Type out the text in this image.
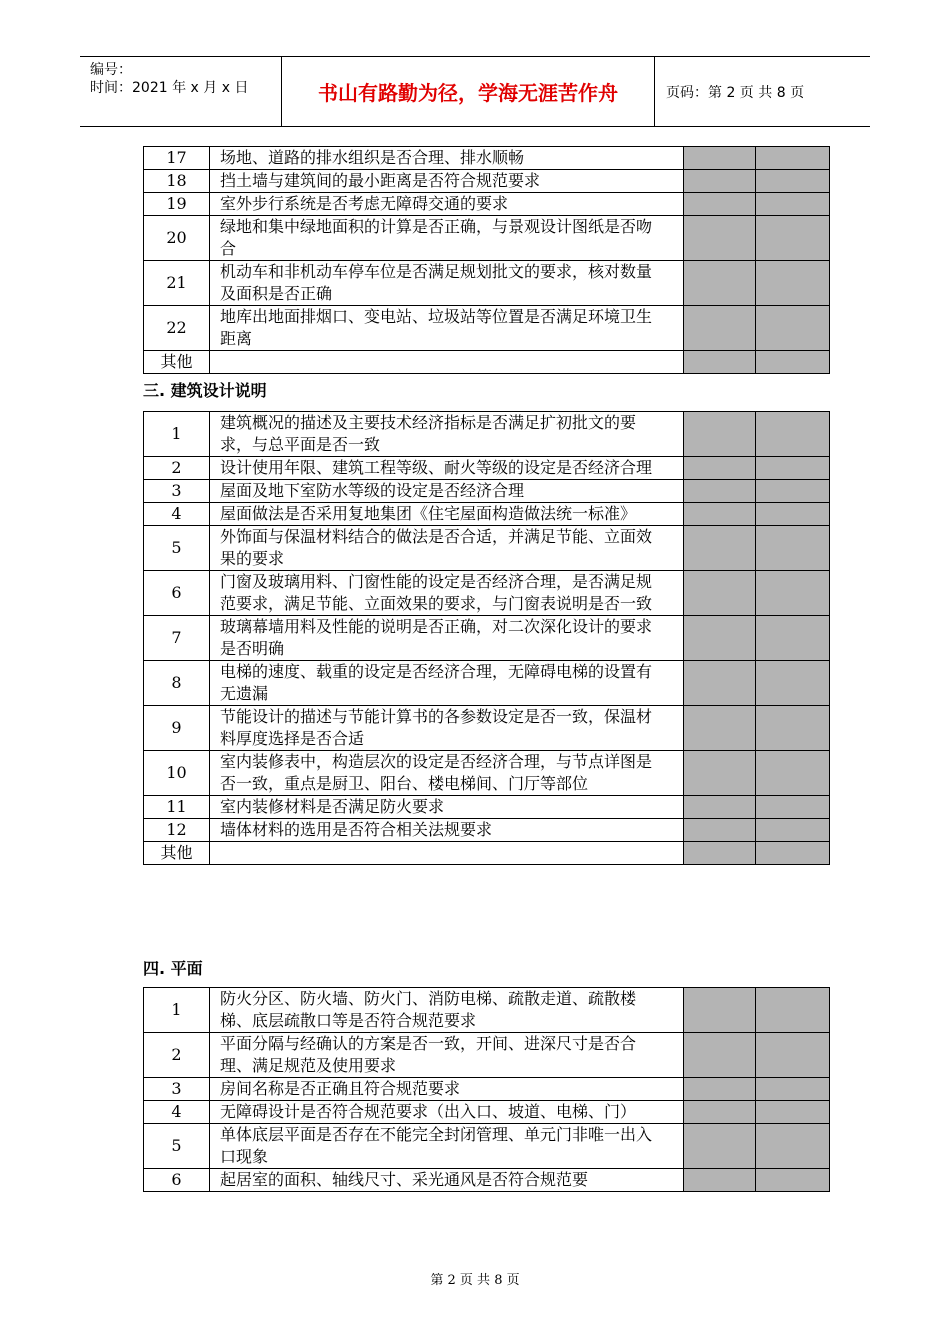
编号：
时间：2021 年 x 月 x 日	书山有路勤为径，学海无涯苦作舟	页码：第 2 页 共 8 页
17	场地、道路的排水组织是否合理、排水顺畅		
18	挡土墙与建筑间的最小距离是否符合规范要求		
19	室外步行系统是否考虑无障碍交通的要求		
20	绿地和集中绿地面积的计算是否正确，与景观设计图纸是否吻合		
21	机动车和非机动车停车位是否满足规划批文的要求，核对数量及面积是否正确		
22	地库出地面排烟口、变电站、垃圾站等位置是否满足环境卫生距离		
其他			
三. 建筑设计说明
1	建筑概况的描述及主要技术经济指标是否满足扩初批文的要求，与总平面是否一致		
2	设计使用年限、建筑工程等级、耐火等级的设定是否经济合理		
3	屋面及地下室防水等级的设定是否经济合理		
4	屋面做法是否采用复地集团《住宅屋面构造做法统一标准》		
5	外饰面与保温材料结合的做法是否合适，并满足节能、立面效果的要求		
6	门窗及玻璃用料、门窗性能的设定是否经济合理，是否满足规范要求，满足节能、立面效果的要求，与门窗表说明是否一致		
7	玻璃幕墙用料及性能的说明是否正确，对二次深化设计的要求是否明确		
8	电梯的速度、载重的设定是否经济合理，无障碍电梯的设置有无遗漏		
9	节能设计的描述与节能计算书的各参数设定是否一致，保温材料厚度选择是否合适		
10	室内装修表中，构造层次的设定是否经济合理，与节点详图是否一致，重点是厨卫、阳台、楼电梯间、门厅等部位		
11	室内装修材料是否满足防火要求		
12	墙体材料的选用是否符合相关法规要求		
其他			
四. 平面
1	防火分区、防火墙、防火门、消防电梯、疏散走道、疏散楼梯、底层疏散口等是否符合规范要求		
2	平面分隔与经确认的方案是否一致，开间、进深尺寸是否合理、满足规范及使用要求		
3	房间名称是否正确且符合规范要求		
4	无障碍设计是否符合规范要求（出入口、坡道、电梯、门）		
5	单体底层平面是否存在不能完全封闭管理、单元门非唯一出入口现象		
6	起居室的面积、轴线尺寸、采光通风是否符合规范要		
第 2 页 共 8 页
